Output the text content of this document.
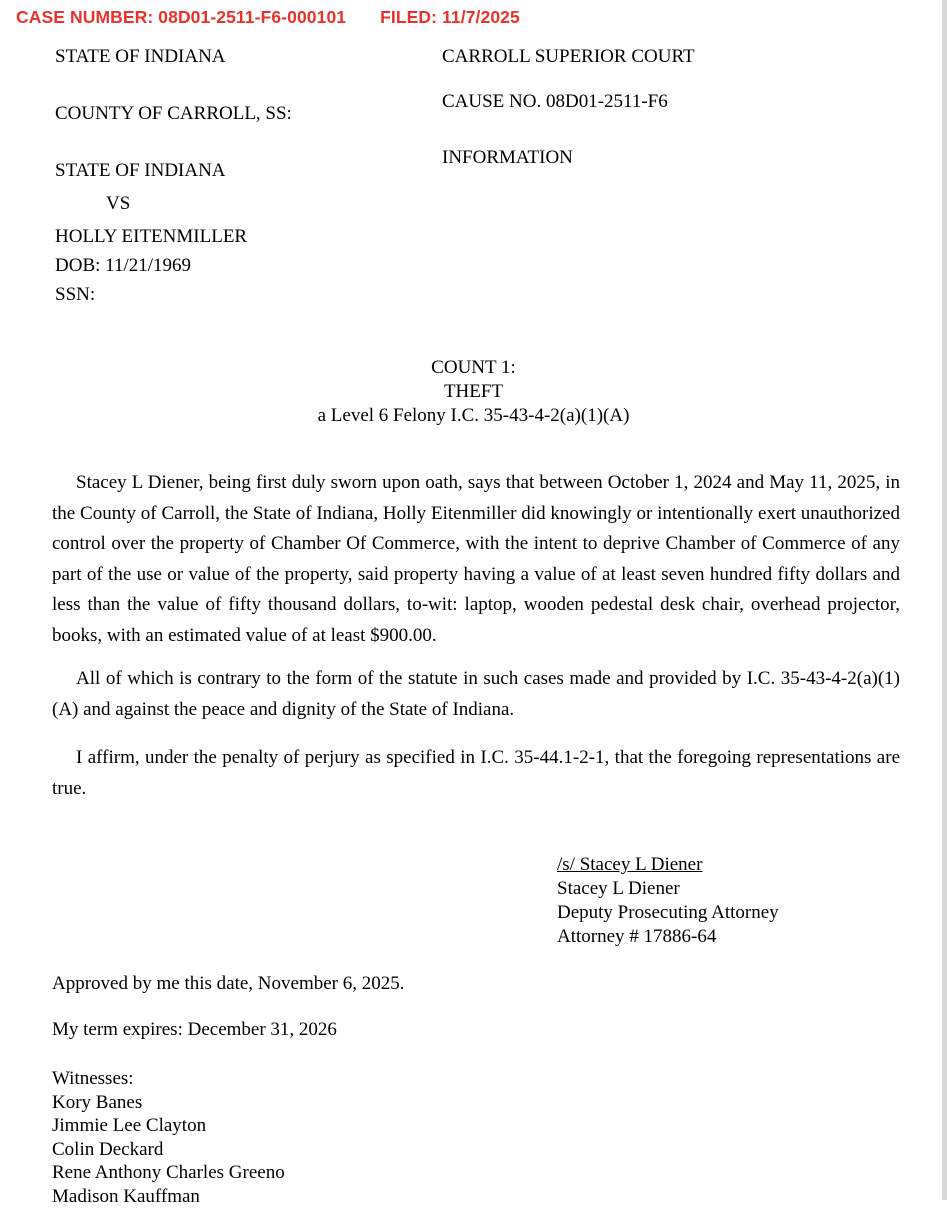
CASE NUMBER: 08D01-2511-F6-000101 FILED: 11/7/2025
STATE OF INDIANA
COUNTY OF CARROLL, SS:
CARROLL SUPERIOR COURT
CAUSE NO. 08D01-2511-F6
INFORMATION
STATE OF INDIANA
VS
HOLLY EITENMILLER
DOB: 11/21/1969
SSN:
COUNT 1:
THEFT
a Level 6 Felony I.C. 35-43-4-2(a)(1)(A)

Stacey L Diener, being first duly sworn upon oath, says that between October 1, 2024 and May 11, 2025, in the County of Carroll, the State of Indiana, Holly Eitenmiller did knowingly or intentionally exert unauthorized control over the property of Chamber Of Commerce, with the intent to deprive Chamber of Commerce of any part of the use or value of the property, said property having a value of at least seven hundred fifty dollars and less than the value of fifty thousand dollars, to-wit: laptop, wooden pedestal desk chair, overhead projector, books, with an estimated value of at least $900.00.

All of which is contrary to the form of the statute in such cases made and provided by I.C. 35-43-4-2(a)(1)(A) and against the peace and dignity of the State of Indiana.

I affirm, under the penalty of perjury as specified in I.C. 35-44.1-2-1, that the foregoing representations are true.

/s/ Stacey L Diener
Stacey L Diener
Deputy Prosecuting Attorney
Attorney # 17886-64
Approved by me this date, November 6, 2025.
My term expires: December 31, 2026
Witnesses:
Kory Banes
Jimmie Lee Clayton
Colin Deckard
Rene Anthony Charles Greeno
Madison Kauffman
